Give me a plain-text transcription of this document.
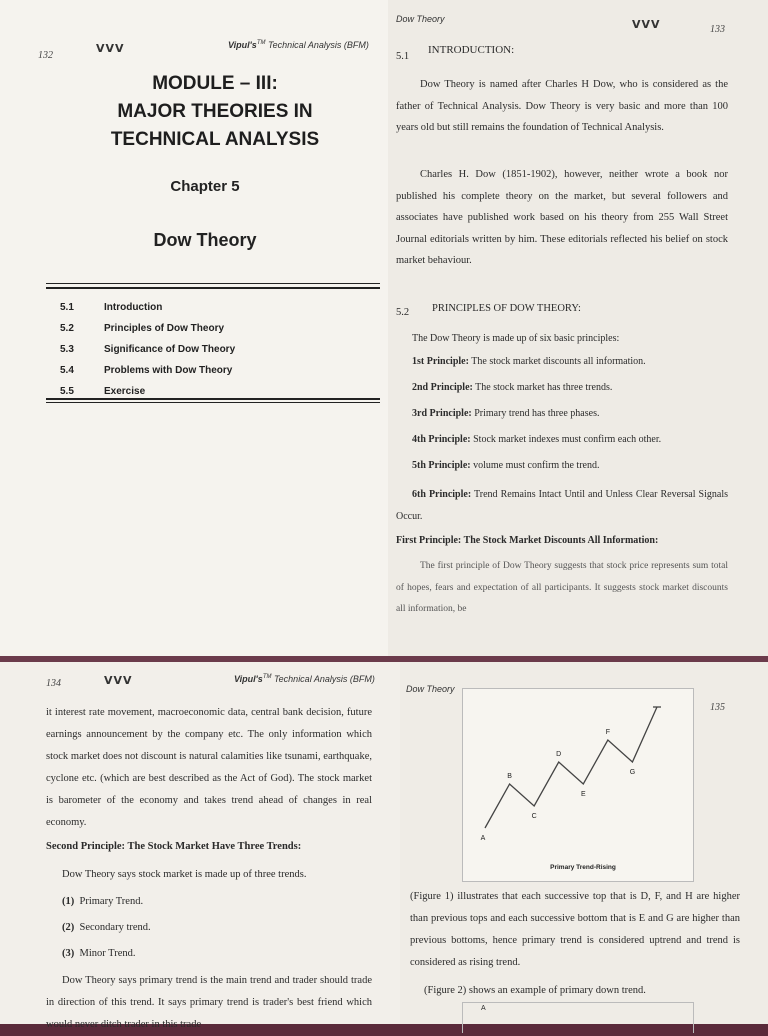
132
VVV	Vipul's™ Technical Analysis (BFM)
MODULE – III:
MAJOR THEORIES IN
TECHNICAL ANALYSIS
Chapter 5
Dow Theory
5.1	Introduction
5.2	Principles of Dow Theory
5.3	Significance of Dow Theory
5.4	Problems with Dow Theory
5.5	Exercise
Dow Theory	VVV	133
5.1
INTRODUCTION:
Dow Theory is named after Charles H Dow, who is considered as the father of Technical Analysis. Dow Theory is very basic and more than 100 years old but still remains the foundation of Technical Analysis.
Charles H. Dow (1851-1902), however, neither wrote a book nor published his complete theory on the market, but several followers and associates have published work based on his theory from 255 Wall Street Journal editorials written by him. These editorials reflected his belief on stock market behaviour.
5.2 PRINCIPLES OF DOW THEORY:
The Dow Theory is made up of six basic principles:
1st Principle: The stock market discounts all information.
2nd Principle: The stock market has three trends.
3rd Principle: Primary trend has three phases.
4th Principle: Stock market indexes must confirm each other.
5th Principle: volume must confirm the trend.
6th Principle: Trend Remains Intact Until and Unless Clear Reversal Signals Occur.
First Principle: The Stock Market Discounts All Information:
The first principle of Dow Theory suggests that stock price represents sum total of hopes, fears and expectation of all participants. It suggests stock market discounts all information, be
134	VVV	Vipul's™ Technical Analysis (BFM)
it interest rate movement, macroeconomic data, central bank decision, future earnings announcement by the company etc. The only information which stock market does not discount is natural calamities like tsunami, earthquake, cyclone etc. (which are best described as the Act of God). The stock market is barometer of the economy and takes trend ahead of changes in real economy.
Second Principle: The Stock Market Have Three Trends:
Dow Theory says stock market is made up of three trends.
(1) Primary Trend.
(2) Secondary trend.
(3) Minor Trend.
Dow Theory says primary trend is the main trend and trader should trade in direction of this trend. It says primary trend is trader's best friend which would never ditch trader in this trade
Dow Theory
135
A
B
C
D
E
F
G
Primary Trend-Rising
(Figure 1) illustrates that each successive top that is D, F, and H are higher than previous tops and each successive bottom that is E and G are higher than previous bottoms, hence primary trend is considered uptrend and trend is considered as rising trend.
(Figure 2) shows an example of primary down trend.
A
